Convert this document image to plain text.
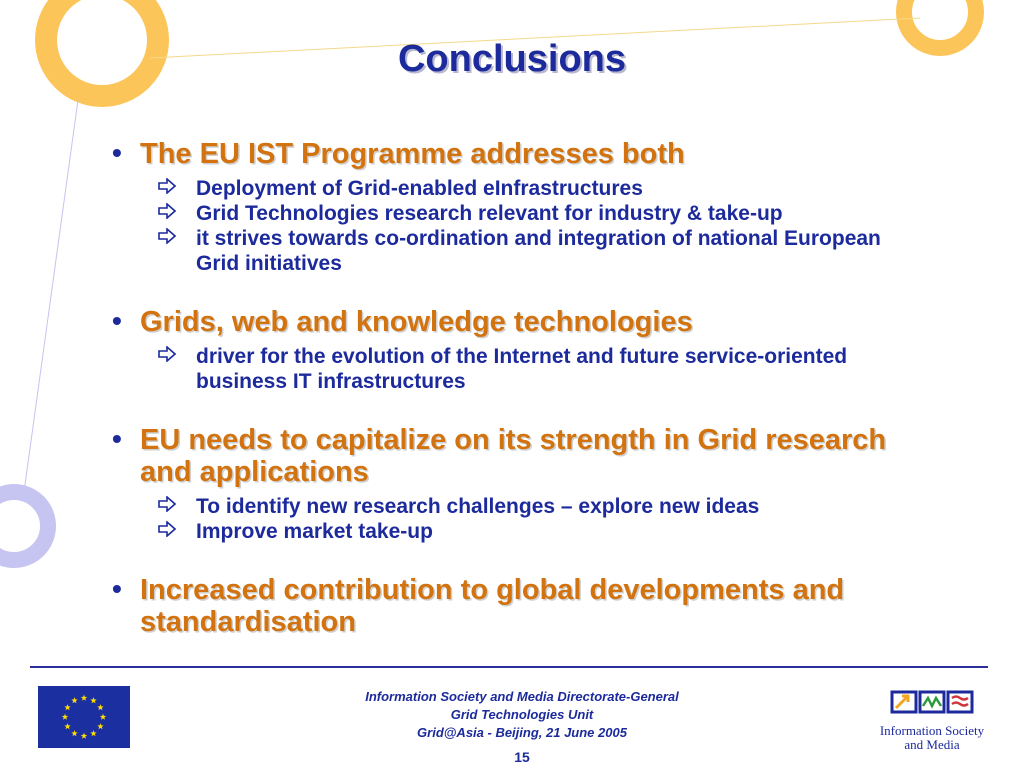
Conclusions
• The EU IST Programme addresses both
Deployment of Grid-enabled eInfrastructures
Grid Technologies research relevant for industry & take-up
it strives towards co-ordination and integration of national European Grid initiatives
• Grids, web and knowledge technologies
driver for the evolution of the Internet and future service-oriented business IT infrastructures
• EU needs to capitalize on its strength in Grid research and applications
To identify new research challenges – explore new ideas
Improve market take-up
• Increased contribution to global developments and standardisation
Information Society and Media Directorate-General
Grid Technologies Unit
Grid@Asia - Beijing, 21 June 2005
15
Information Society
and Media
